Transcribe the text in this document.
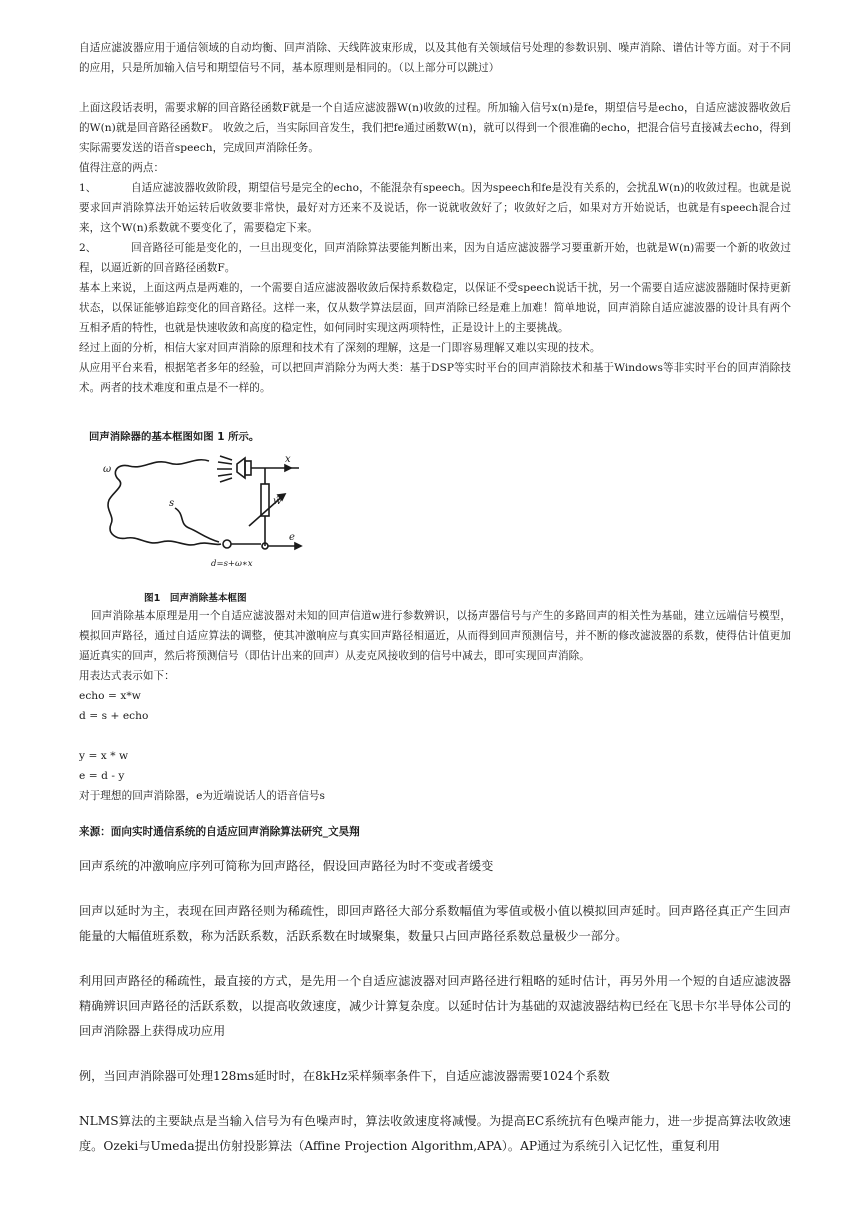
自适应滤波器应用于通信领域的自动均衡、回声消除、天线阵波束形成，以及其他有关领域信号处理的参数识别、噪声消除、谱估计等方面。对于不同的应用，只是所加输入信号和期望信号不同，基本原理则是相同的。（以上部分可以跳过）

上面这段话表明，需要求解的回音路径函数F就是一个自适应滤波器W(n)收敛的过程。所加输入信号x(n)是fe，期望信号是echo，自适应滤波器收敛后的W(n)就是回音路径函数F。 收敛之后，当实际回音发生，我们把fe通过函数W(n)，就可以得到一个很准确的echo，把混合信号直接减去echo，得到实际需要发送的语音speech，完成回声消除任务。

值得注意的两点：

1、	自适应滤波器收敛阶段，期望信号是完全的echo，不能混杂有speech。因为speech和fe是没有关系的，会扰乱W(n)的收敛过程。也就是说要求回声消除算法开始运转后收敛要非常快，最好对方还来不及说话，你一说就收敛好了；收敛好之后，如果对方开始说话，也就是有speech混合过来，这个W(n)系数就不要变化了，需要稳定下来。

2、	回音路径可能是变化的，一旦出现变化，回声消除算法要能判断出来，因为自适应滤波器学习要重新开始，也就是W(n)需要一个新的收敛过程，以逼近新的回音路径函数F。

基本上来说，上面这两点是两难的，一个需要自适应滤波器收敛后保持系数稳定，以保证不受speech说话干扰，另一个需要自适应滤波器随时保持更新状态，以保证能够追踪变化的回音路径。这样一来，仅从数学算法层面，回声消除已经是难上加难！简单地说，回声消除自适应滤波器的设计具有两个互相矛盾的特性，也就是快速收敛和高度的稳定性，如何同时实现这两项特性，正是设计上的主要挑战。

经过上面的分析，相信大家对回声消除的原理和技术有了深刻的理解，这是一门即容易理解又难以实现的技术。

从应用平台来看，根据笔者多年的经验，可以把回声消除分为两大类：基于DSP等实时平台的回声消除技术和基于Windows等非实时平台的回声消除技术。两者的技术难度和重点是不一样的。

回声消除器的基本框图如图 1 所示。
ω
x
s	ŵ
e
d=s+ω∗x
图1　回声消除基本框图

回声消除基本原理是用一个自适应滤波器对未知的回声信道w进行参数辨识，以扬声器信号与产生的多路回声的相关性为基础，建立远端信号模型，模拟回声路径，通过自适应算法的调整，使其冲激响应与真实回声路径相逼近，从而得到回声预测信号，并不断的修改滤波器的系数，使得估计值更加逼近真实的回声，然后将预测信号（即估计出来的回声）从麦克风接收到的信号中减去，即可实现回声消除。

用表达式表示如下：

echo = x*w

d = s + echo

y = x * w

e = d - y

对于理想的回声消除器，e为近端说话人的语音信号s

来源：面向实时通信系统的自适应回声消除算法研究_文昊翔

回声系统的冲激响应序列可简称为回声路径，假设回声路径为时不变或者缓变

回声以延时为主，表现在回声路径则为稀疏性，即回声路径大部分系数幅值为零值或极小值以模拟回声延时。回声路径真正产生回声能量的大幅值班系数，称为活跃系数，活跃系数在时域聚集，数量只占回声路径系数总量极少一部分。

利用回声路径的稀疏性，最直接的方式，是先用一个自适应滤波器对回声路径进行粗略的延时估计，再另外用一个短的自适应滤波器精确辨识回声路径的活跃系数，以提高收敛速度，减少计算复杂度。以延时估计为基础的双滤波器结构已经在飞思卡尔半导体公司的回声消除器上获得成功应用

例，当回声消除器可处理128ms延时时，在8kHz采样频率条件下，自适应滤波器需要1024个系数

NLMS算法的主要缺点是当输入信号为有色噪声时，算法收敛速度将减慢。为提高EC系统抗有色噪声能力，进一步提高算法收敛速度。Ozeki与Umeda提出仿射投影算法（Affine Projection Algorithm,APA）。AP通过为系统引入记忆性，重复利用
